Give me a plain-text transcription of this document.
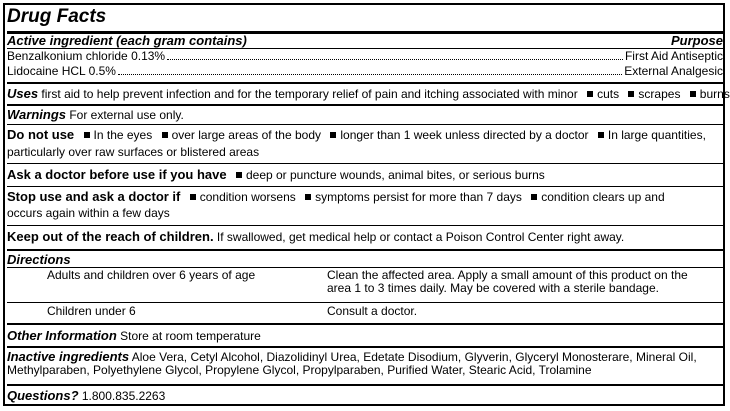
Drug Facts
Active ingredient (each gram contains)	Purpose
Benzalkonium chloride 0.13%	First Aid Antiseptic
Lidocaine HCL 0.5%	External Analgesic
Uses first aid to help prevent infection and for the temporary relief of pain and itching associated with minor cuts scrapes burns
Warnings For external use only.
Do not use In the eyes over large areas of the body longer than 1 week unless directed by a doctor In large quantities,
particularly over raw surfaces or blistered areas
Ask a doctor before use if you have deep or puncture wounds, animal bites, or serious burns
Stop use and ask a doctor if condition worsens symptoms persist for more than 7 days condition clears up and
occurs again within a few days
Keep out of the reach of children. If swallowed, get medical help or contact a Poison Control Center right away.
Directions
Adults and children over 6 years of age	Clean the affected area. Apply a small amount of this product on the area 1 to 3 times daily. May be covered with a sterile bandage.
Children under 6	Consult a doctor.
Other Information Store at room temperature
Inactive ingredients Aloe Vera, Cetyl Alcohol, Diazolidinyl Urea, Edetate Disodium, Glyverin, Glyceryl Monosterare, Mineral Oil, Methylparaben, Polyethylene Glycol, Propylene Glycol, Propylparaben, Purified Water, Stearic Acid, Trolamine
Questions? 1.800.835.2263
